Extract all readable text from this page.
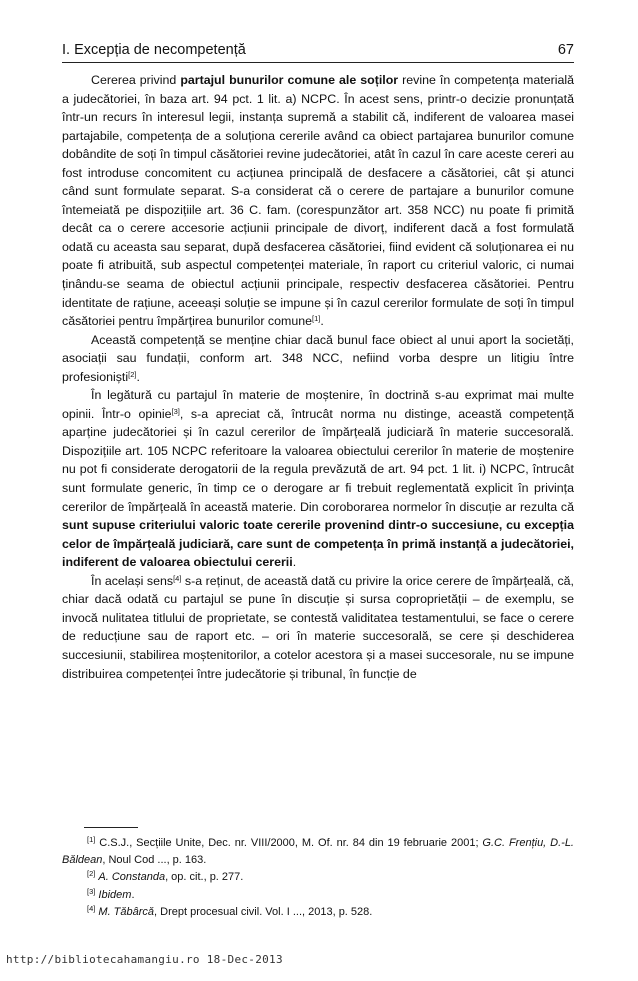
I. Excepția de necompetență	67

Cererea privind partajul bunurilor comune ale soților revine în competența materială a judecătoriei, în baza art. 94 pct. 1 lit. a) NCPC. În acest sens, printr-o decizie pronunțată într-un recurs în interesul legii, instanța supremă a stabilit că, indiferent de valoarea masei partajabile, competența de a soluționa cererile având ca obiect partajarea bunurilor comune dobândite de soți în timpul căsătoriei revine judecătoriei, atât în cazul în care aceste cereri au fost introduse concomitent cu acțiunea principală de desfacere a căsătoriei, cât și atunci când sunt formulate separat. S-a considerat că o cerere de partajare a bunurilor comune întemeiată pe dispozițiile art. 36 C. fam. (corespunzător art. 358 NCC) nu poate fi primită decât ca o cerere accesorie acțiunii principale de divorț, indiferent dacă a fost formulată odată cu aceasta sau separat, după desfacerea căsătoriei, fiind evident că soluționarea ei nu poate fi atribuită, sub aspectul competenței materiale, în raport cu criteriul valoric, ci numai ținându-se seama de obiectul acțiunii principale, respectiv desfacerea căsătoriei. Pentru identitate de rațiune, aceeași soluție se impune și în cazul cererilor formulate de soți în timpul căsătoriei pentru împărțirea bunurilor comune[1].

Această competență se menține chiar dacă bunul face obiect al unui aport la societăți, asociații sau fundații, conform art. 348 NCC, nefiind vorba despre un litigiu între profesioniști[2].

În legătură cu partajul în materie de moștenire, în doctrină s-au exprimat mai multe opinii. Într-o opinie[3], s-a apreciat că, întrucât norma nu distinge, această competență aparține judecătoriei și în cazul cererilor de împărțeală judiciară în materie succesorală. Dispozițiile art. 105 NCPC referitoare la valoarea obiectului cererilor în materie de moștenire nu pot fi considerate derogatorii de la regula prevăzută de art. 94 pct. 1 lit. i) NCPC, întrucât sunt formulate generic, în timp ce o derogare ar fi trebuit reglementată explicit în privința cererilor de împărțeală în această materie. Din coroborarea normelor în discuție ar rezulta că sunt supuse criteriului valoric toate cererile provenind dintr-o succesiune, cu excepția celor de împărțeală judiciară, care sunt de competența în primă instanță a judecătoriei, indiferent de valoarea obiectului cererii.

În același sens[4] s-a reținut, de această dată cu privire la orice cerere de împărțeală, că, chiar dacă odată cu partajul se pune în discuție și sursa coproprietății – de exemplu, se invocă nulitatea titlului de proprietate, se contestă validitatea testamentului, se face o cerere de reducțiune sau de raport etc. – ori în materie succesorală, se cere și deschiderea succesiunii, stabilirea moștenitorilor, a cotelor acestora și a masei succesorale, nu se impune distribuirea competenței între judecătorie și tribunal, în funcție de

[1] C.S.J., Secțiile Unite, Dec. nr. VIII/2000, M. Of. nr. 84 din 19 februarie 2001; G.C. Frențiu, D.-L. Băldean, Noul Cod ..., p. 163.

[2] A. Constanda, op. cit., p. 277.

[3] Ibidem.

[4] M. Tăbârcă, Drept procesual civil. Vol. I ..., 2013, p. 528.

http://bibliotecahamangiu.ro 18-Dec-2013
